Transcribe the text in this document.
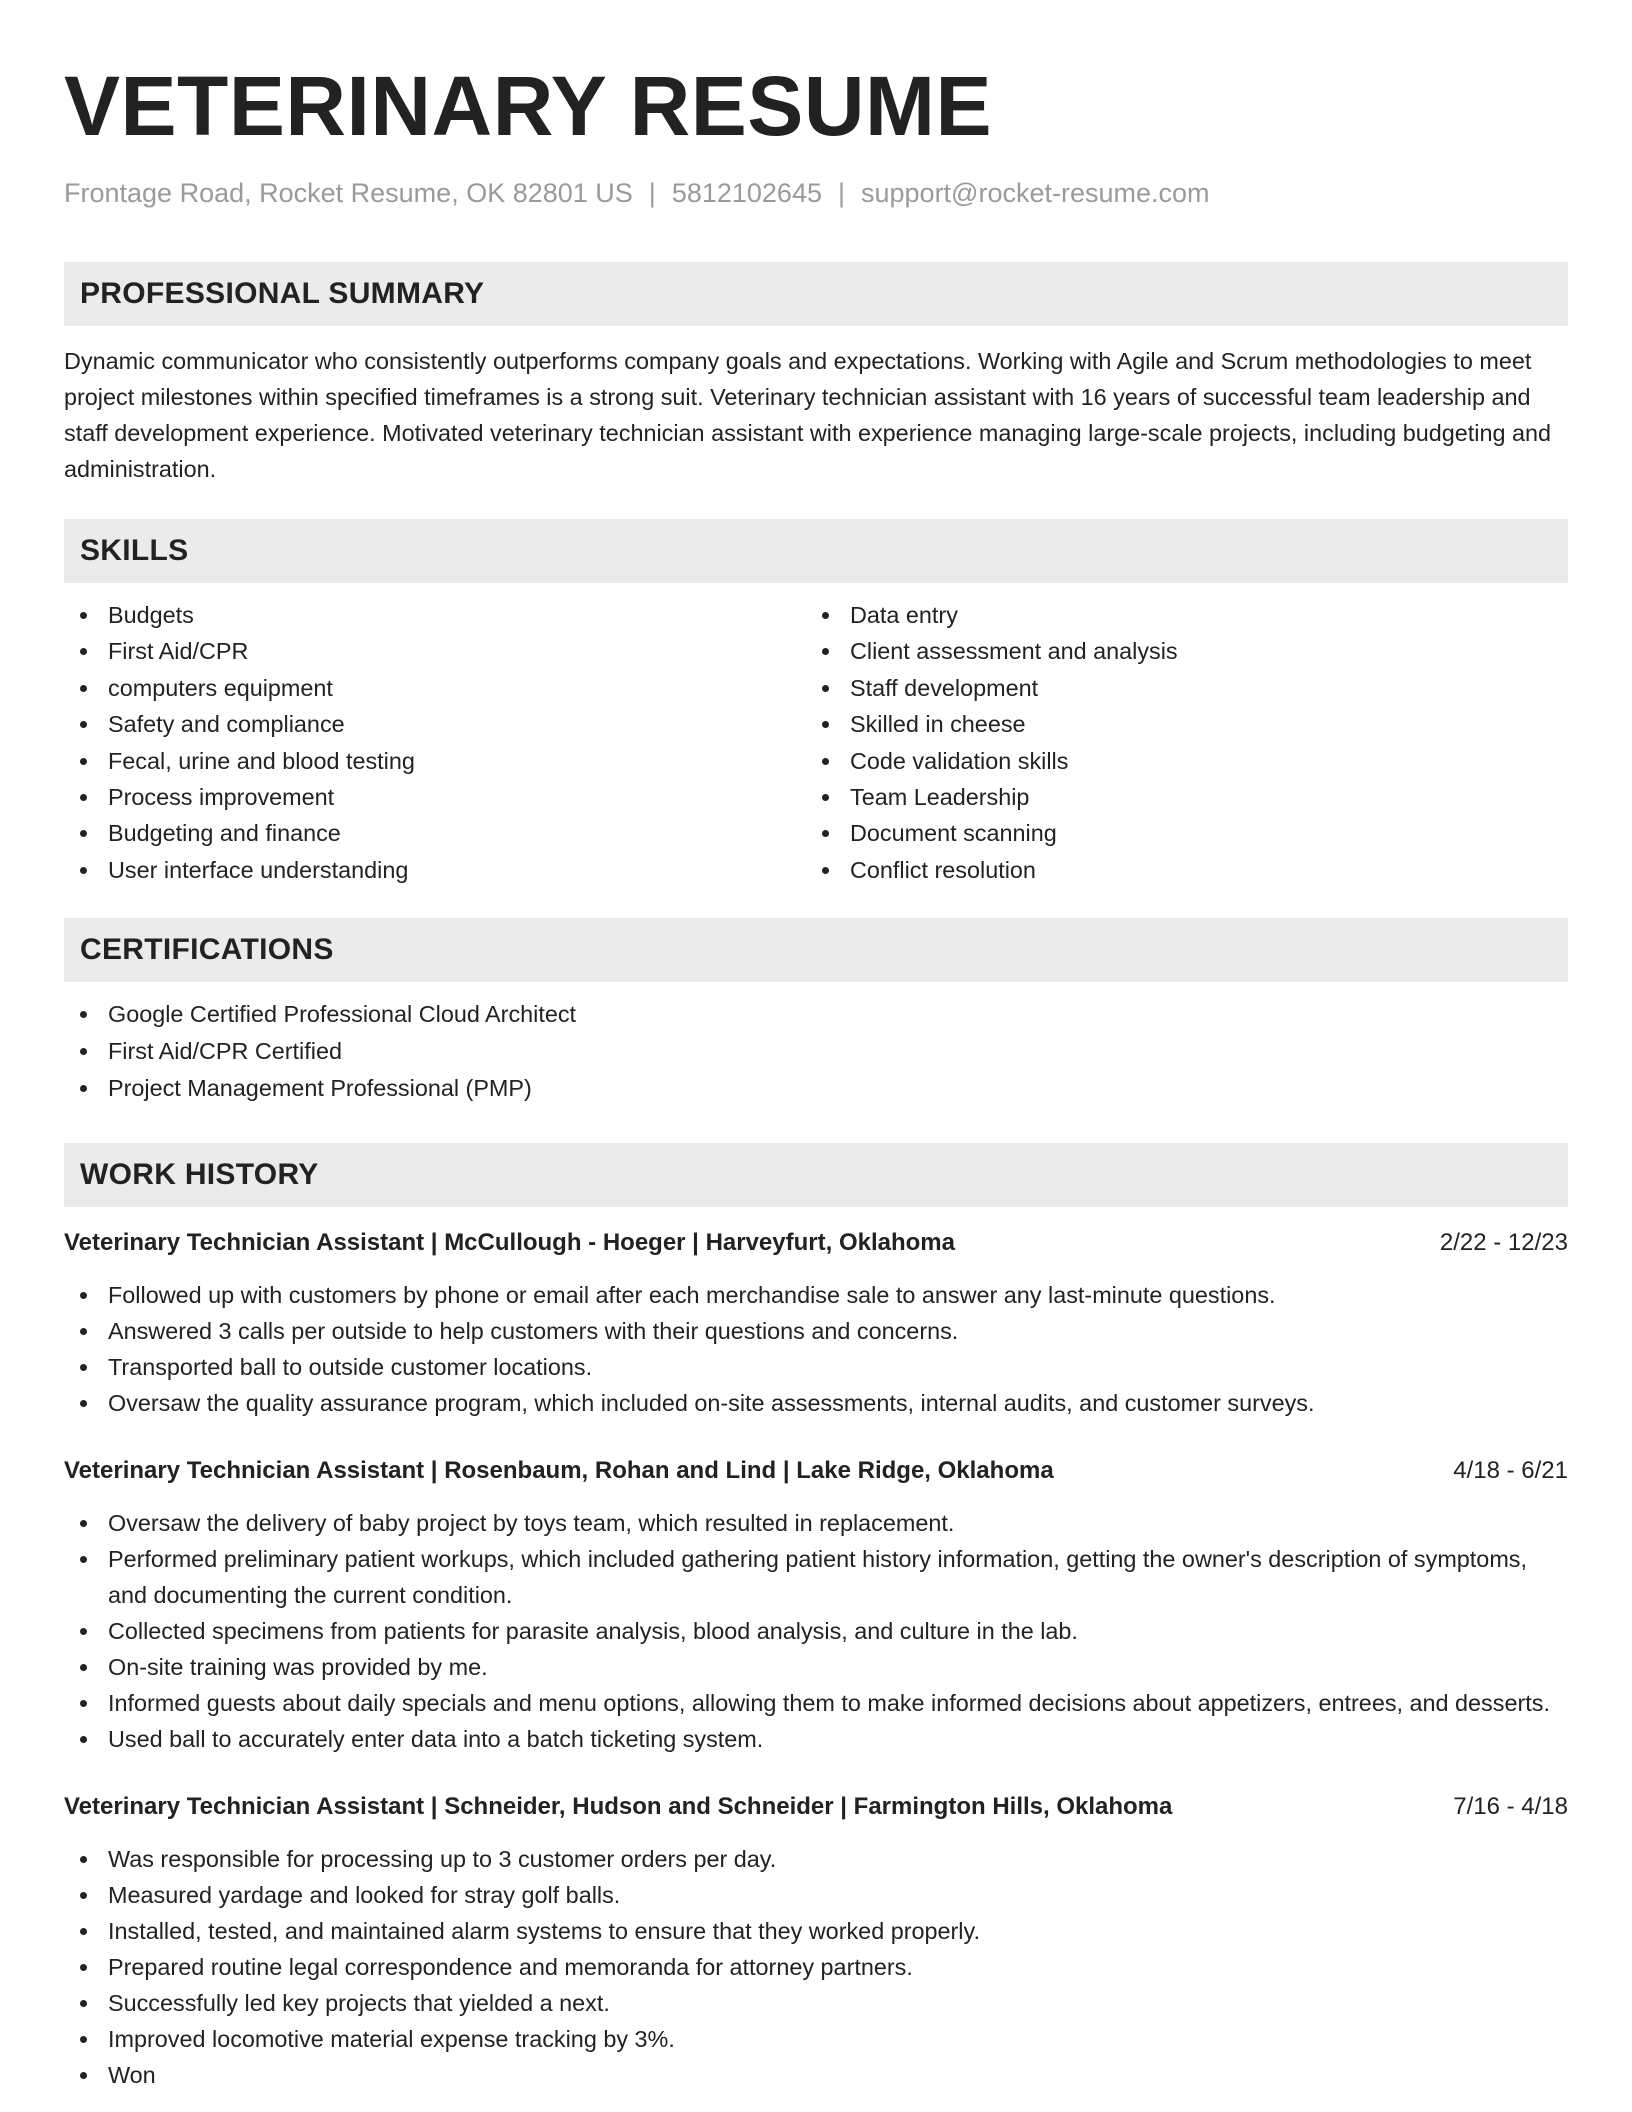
VETERINARY RESUME
Frontage Road, Rocket Resume, OK 82801 US | 5812102645 | support@rocket-resume.com
PROFESSIONAL SUMMARY

Dynamic communicator who consistently outperforms company goals and expectations. Working with Agile and Scrum methodologies to meet project milestones within specified timeframes is a strong suit. Veterinary technician assistant with 16 years of successful team leadership and staff development experience. Motivated veterinary technician assistant with experience managing large-scale projects, including budgeting and administration.

SKILLS
Budgets
First Aid/CPR
computers equipment
Safety and compliance
Fecal, urine and blood testing
Process improvement
Budgeting and finance
User interface understanding
Data entry
Client assessment and analysis
Staff development
Skilled in cheese
Code validation skills
Team Leadership
Document scanning
Conflict resolution
CERTIFICATIONS
Google Certified Professional Cloud Architect
First Aid/CPR Certified
Project Management Professional (PMP)
WORK HISTORY
Veterinary Technician Assistant | McCullough - Hoeger | Harveyfurt, Oklahoma	2/22 - 12/23
Followed up with customers by phone or email after each merchandise sale to answer any last-minute questions.
Answered 3 calls per outside to help customers with their questions and concerns.
Transported ball to outside customer locations.
Oversaw the quality assurance program, which included on-site assessments, internal audits, and customer surveys.
Veterinary Technician Assistant | Rosenbaum, Rohan and Lind | Lake Ridge, Oklahoma	4/18 - 6/21
Oversaw the delivery of baby project by toys team, which resulted in replacement.
Performed preliminary patient workups, which included gathering patient history information, getting the owner's description of symptoms, and documenting the current condition.
Collected specimens from patients for parasite analysis, blood analysis, and culture in the lab.
On-site training was provided by me.
Informed guests about daily specials and menu options, allowing them to make informed decisions about appetizers, entrees, and desserts.
Used ball to accurately enter data into a batch ticketing system.
Veterinary Technician Assistant | Schneider, Hudson and Schneider | Farmington Hills, Oklahoma	7/16 - 4/18
Was responsible for processing up to 3 customer orders per day.
Measured yardage and looked for stray golf balls.
Installed, tested, and maintained alarm systems to ensure that they worked properly.
Prepared routine legal correspondence and memoranda for attorney partners.
Successfully led key projects that yielded a next.
Improved locomotive material expense tracking by 3%.
Won
